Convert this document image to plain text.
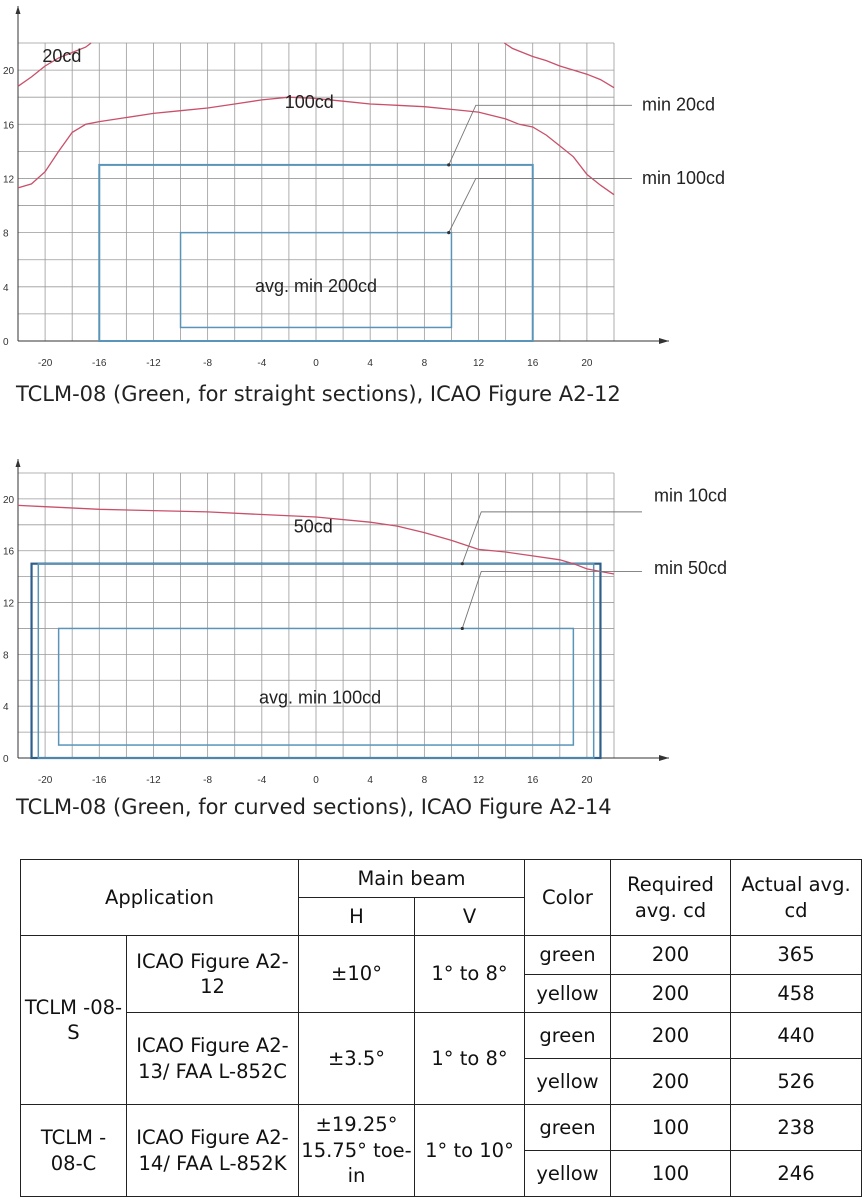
-20	-16	-12	-8	-4	0	4	8	12	16	20
0
4
8
12
16
20
20cd
100cd
avg. min 200cd
min 20cd
min 100cd
TCLM-08 (Green, for straight sections), ICAO Figure A2-12
-20	-16	-12	-8	-4	0	4	8	12	16	20
0
4
8
12
16
20
50cd
avg. min 100cd
min 10cd
min 50cd
TCLM-08 (Green, for curved sections), ICAO Figure A2-14
Application		Main beam		Color	Required avg. cd	Actual avg. cd
		H	V			
TCLM -08-S	ICAO Figure A2-12	±10°	1° to 8°	green	200	365
				yellow	200	458
	ICAO Figure A2-13/ FAA L-852C	±3.5°	1° to 8°	green	200	440
				yellow	200	526
TCLM - 08-C	ICAO Figure A2-14/ FAA L-852K	±19.25° 15.75° toe-in	1° to 10°	green	100	238
				yellow	100	246
